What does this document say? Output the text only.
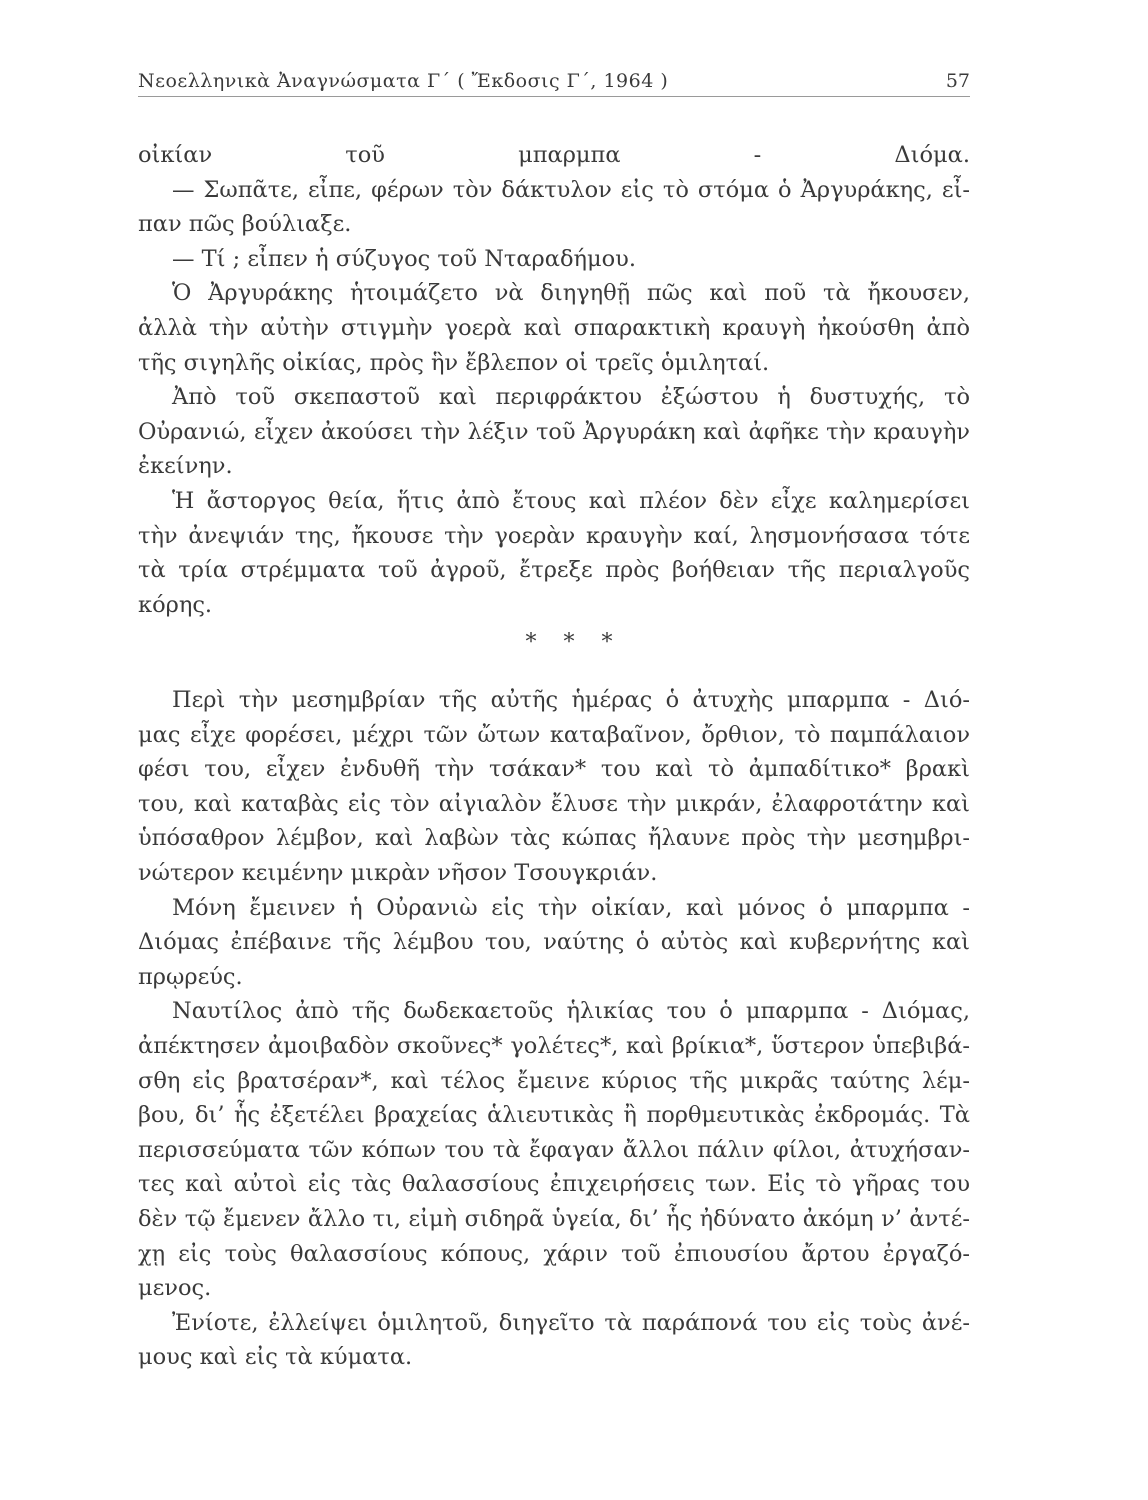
Νεοελληνικὰ Ἀναγνώσματα Γ΄ ( Ἔκδοσις Γ΄, 1964 )	57
οἰκίαν τοῦ μπαρμπα - Διόμα.
— Σωπᾶτε, εἶπε, φέρων τὸν δάκτυλον εἰς τὸ στόμα ὁ Ἀργυράκης, εἶ-
παν πῶς βούλιαξε.
— Τί ; εἶπεν ἡ σύζυγος τοῦ Νταραδήμου.
Ὁ Ἀργυράκης ἡτοιμάζετο νὰ διηγηθῇ πῶς καὶ ποῦ τὰ ἤκουσεν,
ἀλλὰ τὴν αὐτὴν στιγμὴν γοερὰ καὶ σπαρακτικὴ κραυγὴ ἠκούσθη ἀπὸ
τῆς σιγηλῆς οἰκίας, πρὸς ἣν ἔβλεπον οἱ τρεῖς ὁμιληταί.
Ἀπὸ τοῦ σκεπαστοῦ καὶ περιφράκτου ἐξώστου ἡ δυστυχής, τὸ
Οὐρανιώ, εἶχεν ἀκούσει τὴν λέξιν τοῦ Ἀργυράκη καὶ ἀφῆκε τὴν κραυγὴν
ἐκείνην.
Ἡ ἄστοργος θεία, ἥτις ἀπὸ ἔτους καὶ πλέον δὲν εἶχε καλημερίσει
τὴν ἀνεψιάν της, ἤκουσε τὴν γοερὰν κραυγὴν καί, λησμονήσασα τότε
τὰ τρία στρέμματα τοῦ ἀγροῦ, ἔτρεξε πρὸς βοήθειαν τῆς περιαλγοῦς
κόρης.
* * *
Περὶ τὴν μεσημβρίαν τῆς αὐτῆς ἡμέρας ὁ ἀτυχὴς μπαρμπα - Διό-
μας εἶχε φορέσει, μέχρι τῶν ὤτων καταβαῖνον, ὄρθιον, τὸ παμπάλαιον
φέσι του, εἶχεν ἐνδυθῆ τὴν τσάκαν* του καὶ τὸ ἀμπαδίτικο* βρακὶ
του, καὶ καταβὰς εἰς τὸν αἰγιαλὸν ἔλυσε τὴν μικράν, ἐλαφροτάτην καὶ
ὑπόσαθρον λέμβον, καὶ λαβὼν τὰς κώπας ἤλαυνε πρὸς τὴν μεσημβρι-
νώτερον κειμένην μικρὰν νῆσον Τσουγκριάν.
Μόνη ἔμεινεν ἡ Οὐρανιὼ εἰς τὴν οἰκίαν, καὶ μόνος ὁ μπαρμπα -
Διόμας ἐπέβαινε τῆς λέμβου του, ναύτης ὁ αὐτὸς καὶ κυβερνήτης καὶ
πρῳρεύς.
Ναυτίλος ἀπὸ τῆς δωδεκαετοῦς ἡλικίας του ὁ μπαρμπα - Διόμας,
ἀπέκτησεν ἀμοιβαδὸν σκοῦνες* γολέτες*, καὶ βρίκια*, ὕστερον ὑπεβιβά-
σθη εἰς βρατσέραν*, καὶ τέλος ἔμεινε κύριος τῆς μικρᾶς ταύτης λέμ-
βου, δι’ ἧς ἐξετέλει βραχείας ἁλιευτικὰς ἢ πορθμευτικὰς ἐκδρομάς. Τὰ
περισσεύματα τῶν κόπων του τὰ ἔφαγαν ἄλλοι πάλιν φίλοι, ἀτυχήσαν-
τες καὶ αὐτοὶ εἰς τὰς θαλασσίους ἐπιχειρήσεις των. Εἰς τὸ γῆρας του
δὲν τῷ ἔμενεν ἄλλο τι, εἰμὴ σιδηρᾶ ὑγεία, δι’ ἧς ἠδύνατο ἀκόμη ν’ ἀντέ-
χῃ εἰς τοὺς θαλασσίους κόπους, χάριν τοῦ ἐπιουσίου ἄρτου ἐργαζό-
μενος.
Ἐνίοτε, ἐλλείψει ὁμιλητοῦ, διηγεῖτο τὰ παράπονά του εἰς τοὺς ἀνέ-
μους καὶ εἰς τὰ κύματα.
